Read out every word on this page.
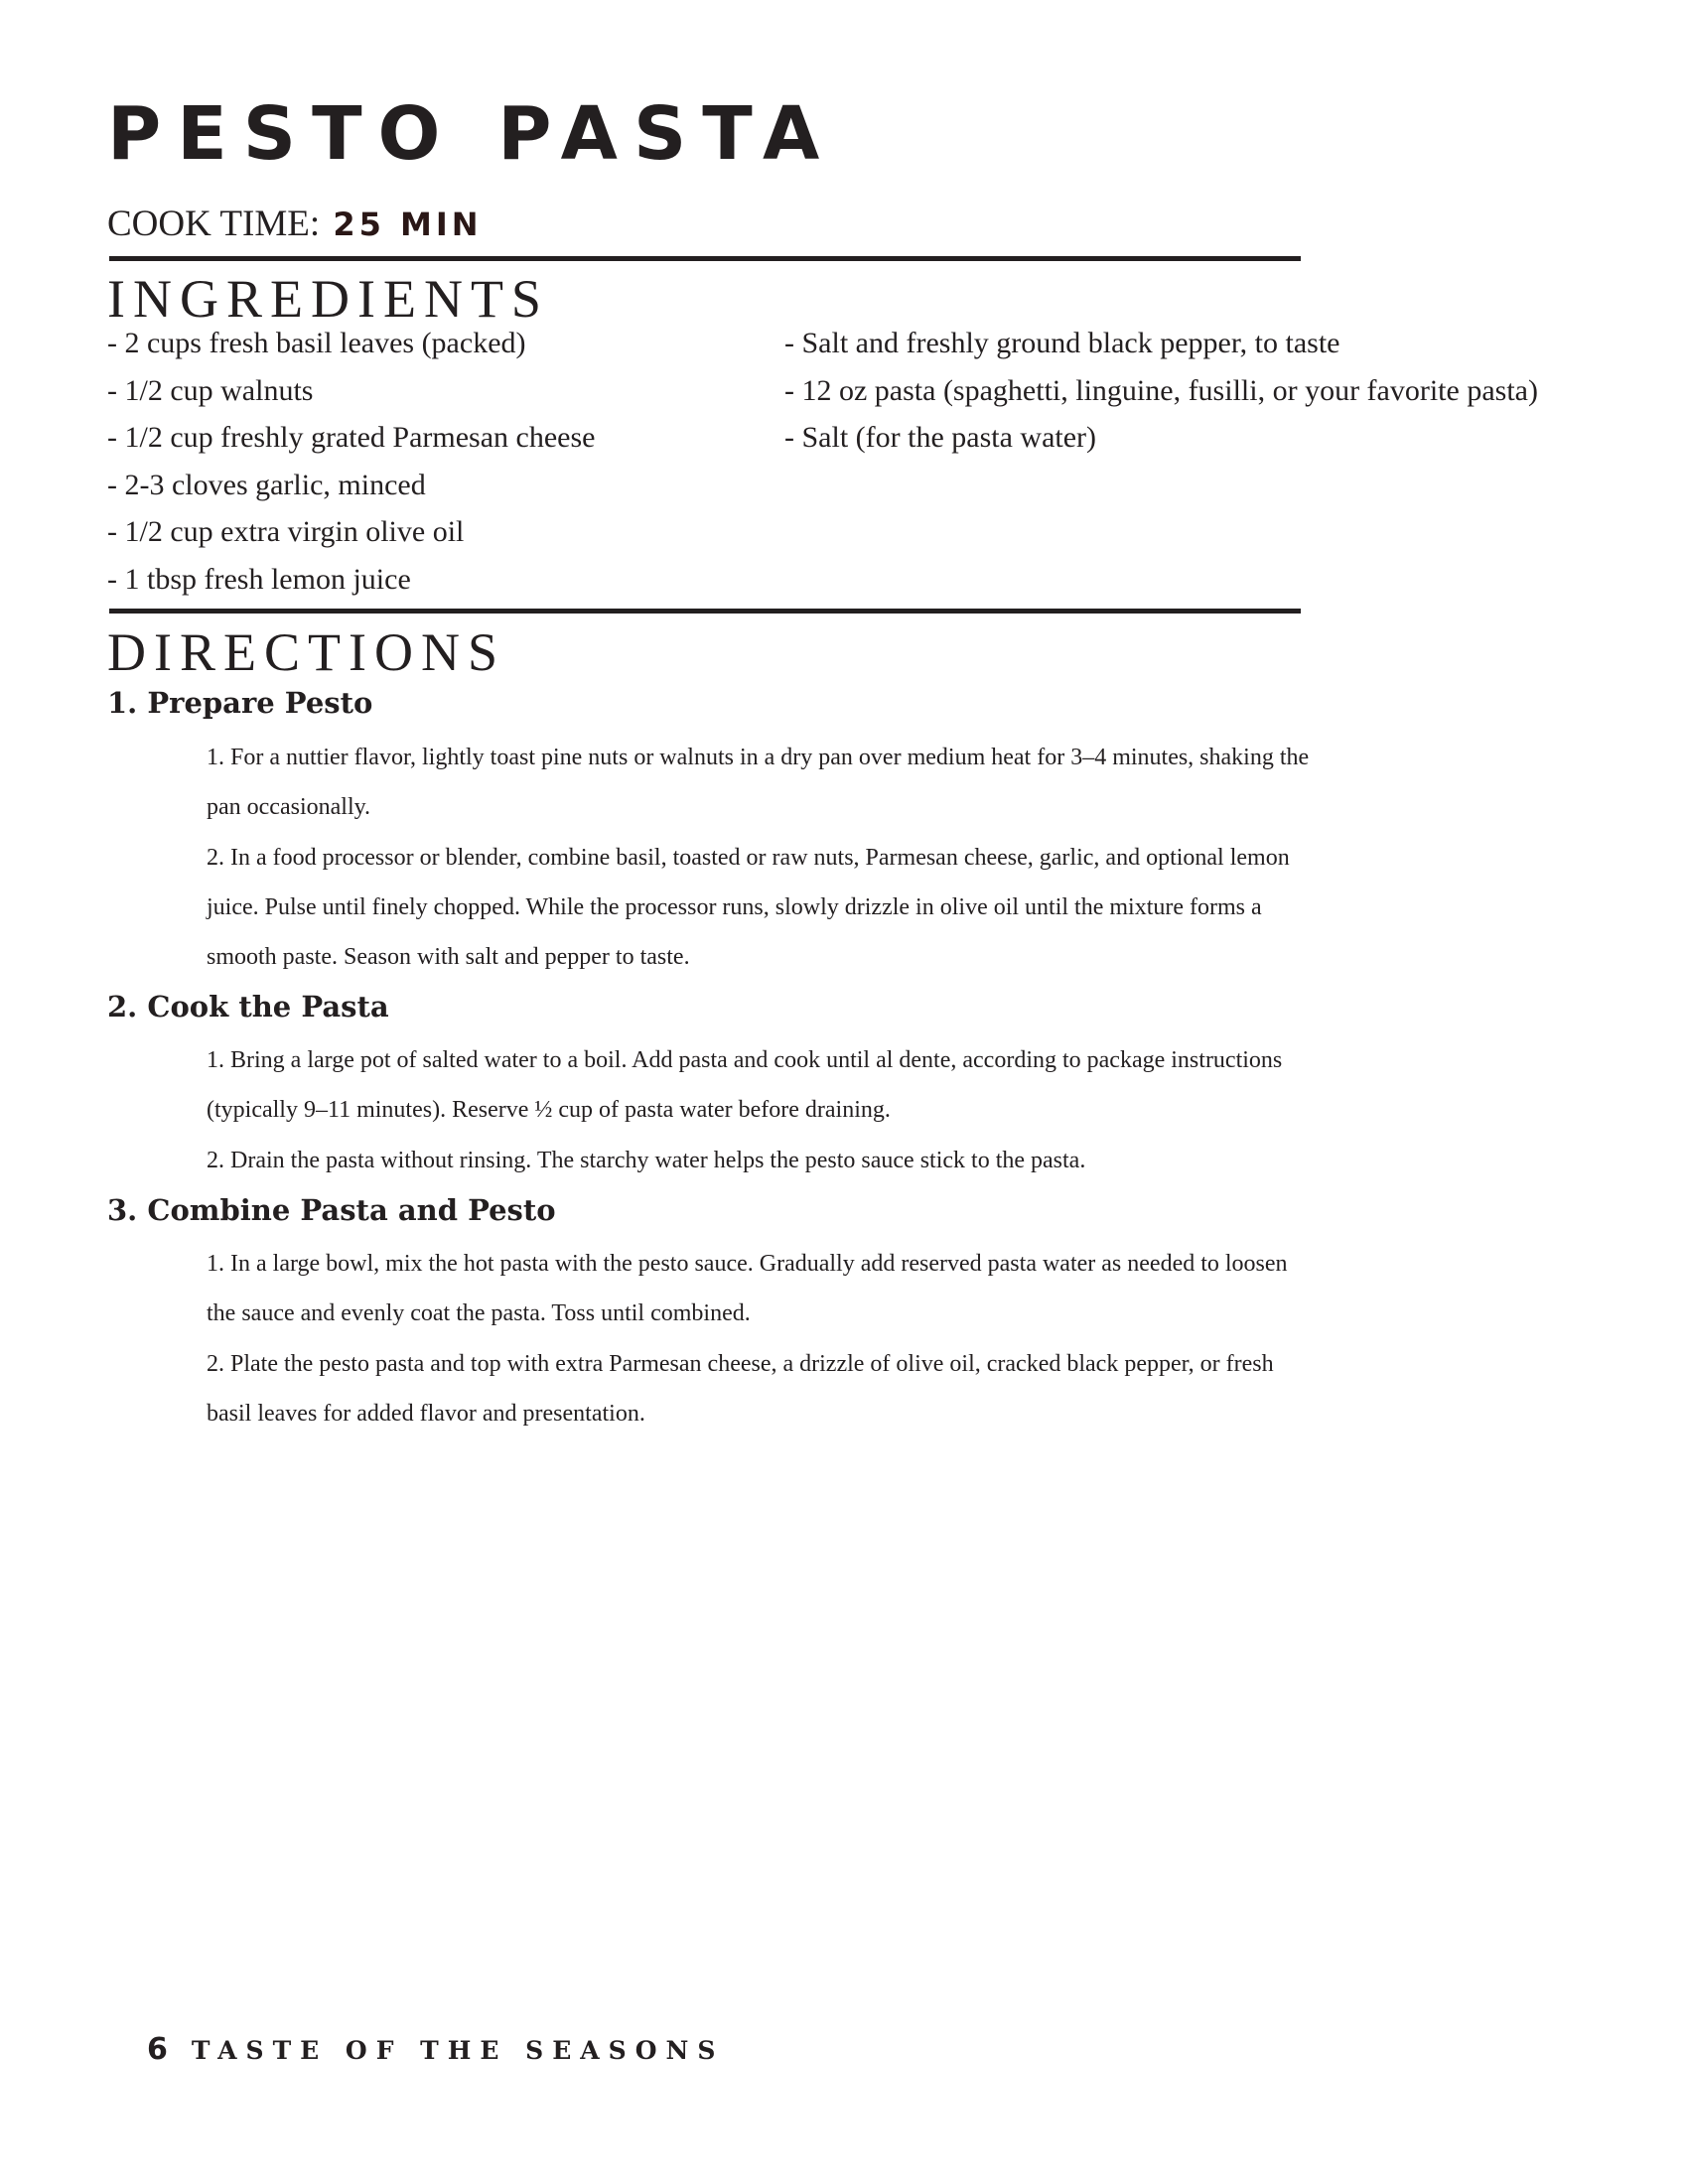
PESTO PASTA
COOK TIME: 25 MIN
INGREDIENTS
- 2 cups fresh basil leaves (packed)
- 1/2 cup walnuts
- 1/2 cup freshly grated Parmesan cheese
- 2-3 cloves garlic, minced
- 1/2 cup extra virgin olive oil
- 1 tbsp fresh lemon juice
- Salt and freshly ground black pepper, to taste
- 12 oz pasta (spaghetti, linguine, fusilli, or your favorite pasta)
- Salt (for the pasta water)
DIRECTIONS
1. Prepare Pesto

1. For a nuttier flavor, lightly toast pine nuts or walnuts in a dry pan over medium heat for 3–4 minutes, shaking the pan occasionally.

2. In a food processor or blender, combine basil, toasted or raw nuts, Parmesan cheese, garlic, and optional lemon juice. Pulse until finely chopped. While the processor runs, slowly drizzle in olive oil until the mixture forms a smooth paste. Season with salt and pepper to taste.

2. Cook the Pasta

1. Bring a large pot of salted water to a boil. Add pasta and cook until al dente, according to package instructions (typically 9–11 minutes). Reserve ½ cup of pasta water before draining.

2. Drain the pasta without rinsing. The starchy water helps the pesto sauce stick to the pasta.

3. Combine Pasta and Pesto

1. In a large bowl, mix the hot pasta with the pesto sauce. Gradually add reserved pasta water as needed to loosen the sauce and evenly coat the pasta. Toss until combined.

2. Plate the pesto pasta and top with extra Parmesan cheese, a drizzle of olive oil, cracked black pepper, or fresh basil leaves for added flavor and presentation.

6 TASTE OF THE SEASONS
